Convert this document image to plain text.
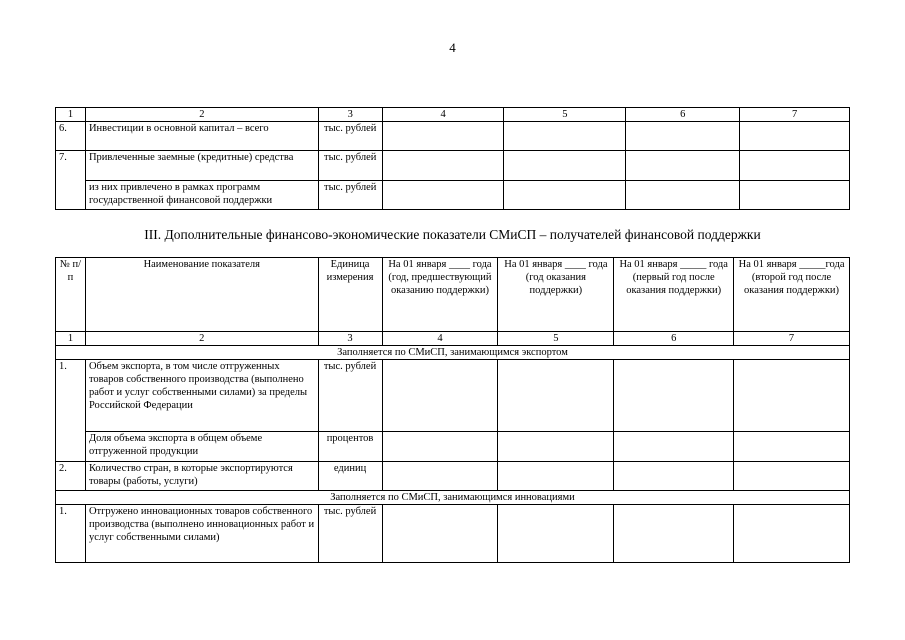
4
1	2	3	4	5	6	7
6.	Инвестиции в основной капитал – всего	тыс. рублей				
7.	Привлеченные заемные (кредитные) средства	тыс. рублей				
	из них привлечено в рамках программ государственной финансовой поддержки	тыс. рублей				
III. Дополнительные финансово-экономические показатели СМиСП – получателей финансовой поддержки
№ п/п	Наименование показателя	Единица измерения	На 01 января ____ года (год, предшествующий оказанию поддержки)	На 01 января ____ года (год оказания поддержки)	На 01 января _____ года (первый год после оказания поддержки)	На 01 января _____года (второй год после оказания поддержки)
1	2	3	4	5	6	7
Заполняется по СМиСП, занимающимся экспортом						
1.	Объем экспорта, в том числе отгруженных товаров собственного производства (выполнено работ и услуг собственными силами) за пределы Российской Федерации	тыс. рублей				
	Доля объема экспорта в общем объеме отгруженной продукции	процентов				
2.	Количество стран, в которые экспортируются товары (работы, услуги)	единиц				
Заполняется по СМиСП, занимающимся инновациями						
1.	Отгружено инновационных товаров собственного производства (выполнено инновационных работ и услуг собственными силами)	тыс. рублей				
